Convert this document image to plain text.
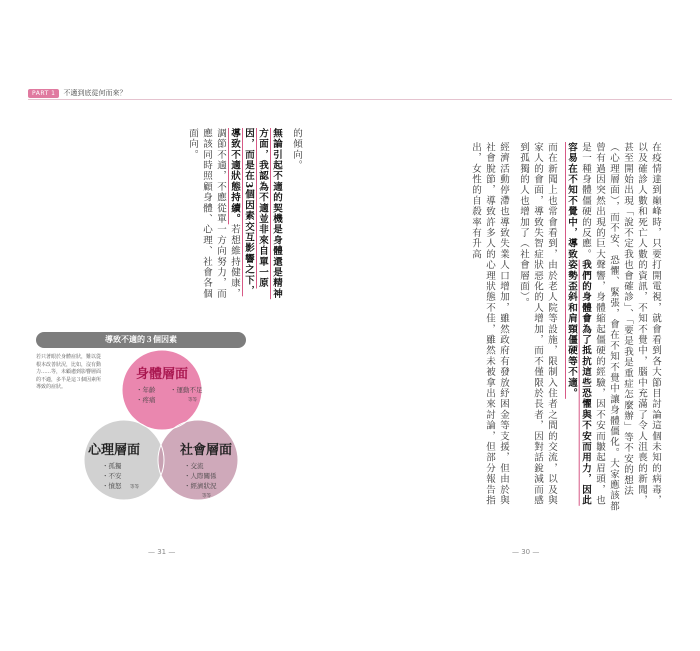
PART 1	不適到底從何而來？
在疫情達到巔峰時，只要打開電視，就會看到各大節目討論這個未知的病毒，以及確診人數和死亡人數的資訊，不知不覺中，腦中充滿了令人沮喪的新聞，甚至開始出現「說不定我也會確診」、「要是我是重症怎麼辦」等不安的想法（心理層面），而不安、恐懼、緊張，會在不知不覺中讓身體僵化。大家應該都曾有過因突然出現的巨大聲響，身體縮起僵硬的經驗，因不安而皺起眉頭，也是一種身體僵硬的反應。我們的身體會為了抵抗這些恐懼與不安而用力，因此容易在不知不覺中，導致姿勢歪斜和肩頸僵硬等不適。
而在新聞上也常會看到，由於老人院等設施，限制入住者之間的交流，以及與家人的會面，導致失智症狀惡化的人增加，而不僅限於長者，因對話銳減而感到孤獨的人也增加了（社會層面）。
經濟活動停滯也導致失業人口增加，雖然政府有發放紓困金等支援，但由於與社會脫節，導致許多人的心理狀態不佳，雖然未被拿出來討論，但部分報告指出，女性的自殺率有升高
的傾向。
無論引起不適的契機是身體還是精神方面，我認為不適並非來自單一原因，而是在3個因素交互影響之下，導致不適狀態持續。若想維持健康，調節不適，不應從單一方向努力，而應該同時照顧身體、心理、社會各個面向。
身體層面
・年齡
・疼痛
・運動不足
等等
心理層面
・孤獨
・不安
・憤怒 等等
社會層面
・交流
・人際關係
・經濟狀況
等等
導致不適的３個因素
若只著眼於身體症狀，難以從根本改善狀況，比如，沒有動力……等，未顧慮到影響層面的不適，多半是這３個因素所導致的症狀。
— 31 —	— 30 —
